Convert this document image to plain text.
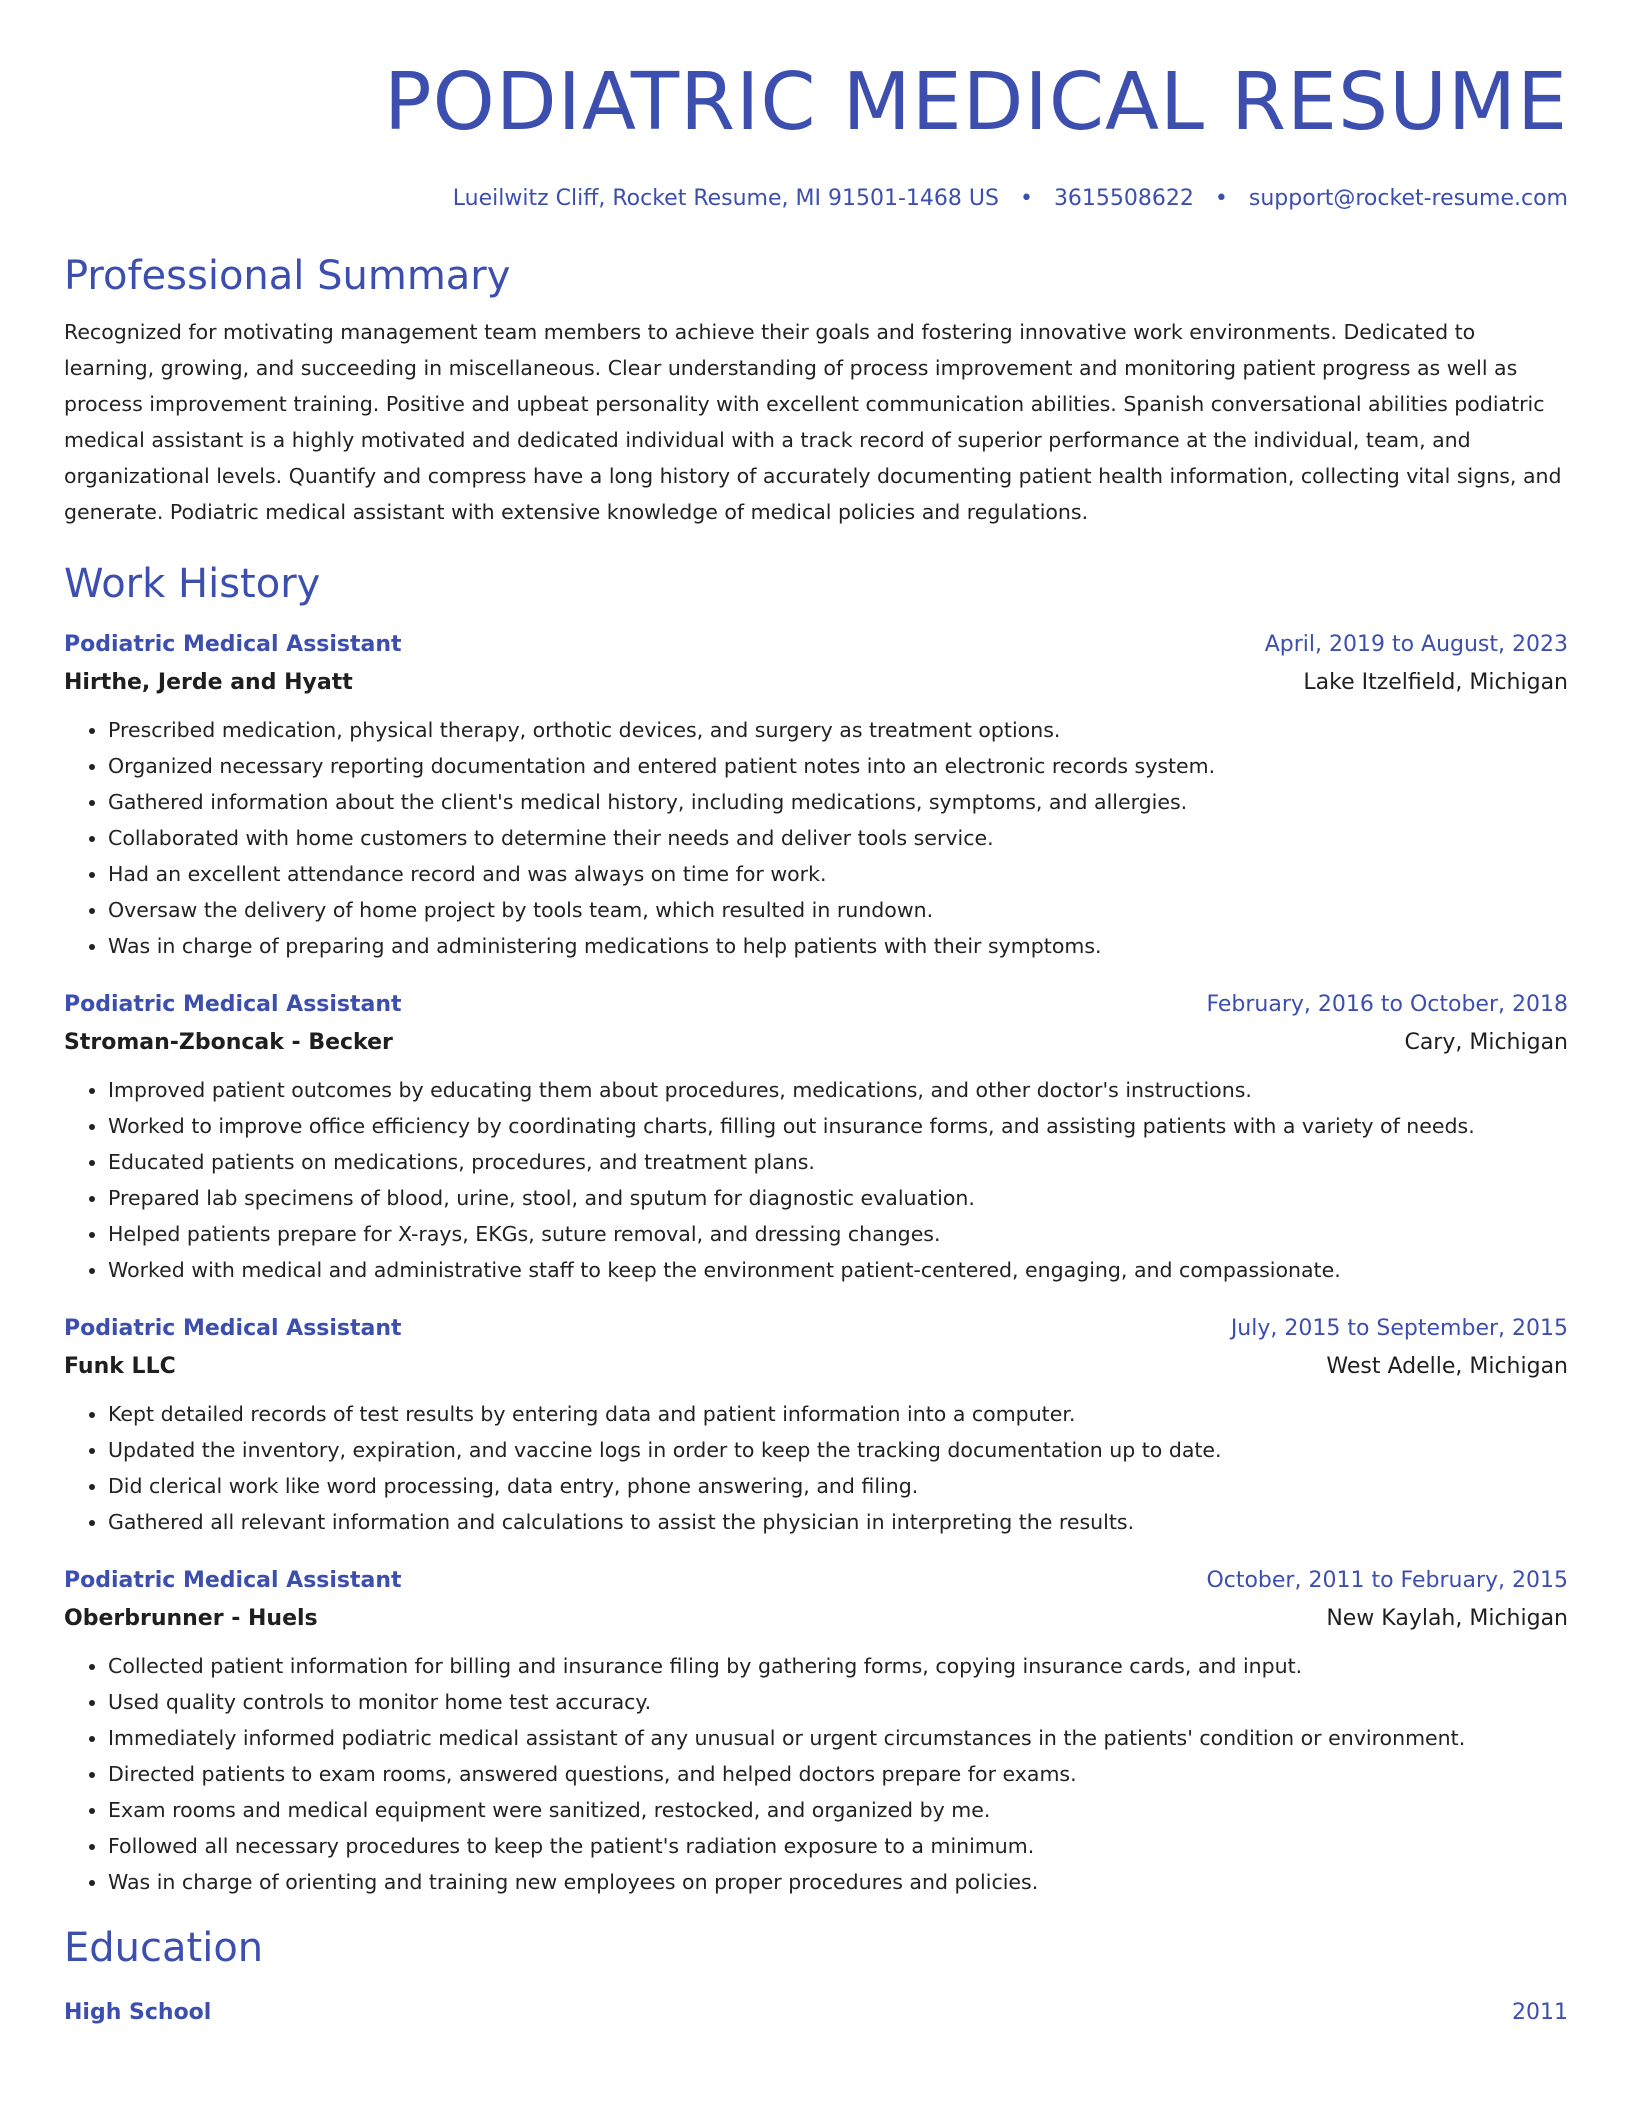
PODIATRIC MEDICAL RESUME
Lueilwitz Cliff, Rocket Resume, MI 91501-1468 US • 3615508622 • support@rocket-resume.com
Professional Summary
Recognized for motivating management team members to achieve their goals and fostering innovative work environments. Dedicated to learning, growing, and succeeding in miscellaneous. Clear understanding of process improvement and monitoring patient progress as well as process improvement training. Positive and upbeat personality with excellent communication abilities. Spanish conversational abilities podiatric medical assistant is a highly motivated and dedicated individual with a track record of superior performance at the individual, team, and organizational levels. Quantify and compress have a long history of accurately documenting patient health information, collecting vital signs, and generate. Podiatric medical assistant with extensive knowledge of medical policies and regulations.
Work History
Podiatric Medical Assistant	April, 2019 to August, 2023
Hirthe, Jerde and Hyatt	Lake Itzelfield, Michigan
• Prescribed medication, physical therapy, orthotic devices, and surgery as treatment options.
• Organized necessary reporting documentation and entered patient notes into an electronic records system.
• Gathered information about the client's medical history, including medications, symptoms, and allergies.
• Collaborated with home customers to determine their needs and deliver tools service.
• Had an excellent attendance record and was always on time for work.
• Oversaw the delivery of home project by tools team, which resulted in rundown.
• Was in charge of preparing and administering medications to help patients with their symptoms.
Podiatric Medical Assistant	February, 2016 to October, 2018
Stroman-Zboncak - Becker	Cary, Michigan
• Improved patient outcomes by educating them about procedures, medications, and other doctor's instructions.
• Worked to improve office efficiency by coordinating charts, filling out insurance forms, and assisting patients with a variety of needs.
• Educated patients on medications, procedures, and treatment plans.
• Prepared lab specimens of blood, urine, stool, and sputum for diagnostic evaluation.
• Helped patients prepare for X-rays, EKGs, suture removal, and dressing changes.
• Worked with medical and administrative staff to keep the environment patient-centered, engaging, and compassionate.
Podiatric Medical Assistant	July, 2015 to September, 2015
Funk LLC	West Adelle, Michigan
• Kept detailed records of test results by entering data and patient information into a computer.
• Updated the inventory, expiration, and vaccine logs in order to keep the tracking documentation up to date.
• Did clerical work like word processing, data entry, phone answering, and filing.
• Gathered all relevant information and calculations to assist the physician in interpreting the results.
Podiatric Medical Assistant	October, 2011 to February, 2015
Oberbrunner - Huels	New Kaylah, Michigan
• Collected patient information for billing and insurance filing by gathering forms, copying insurance cards, and input.
• Used quality controls to monitor home test accuracy.
• Immediately informed podiatric medical assistant of any unusual or urgent circumstances in the patients' condition or environment.
• Directed patients to exam rooms, answered questions, and helped doctors prepare for exams.
• Exam rooms and medical equipment were sanitized, restocked, and organized by me.
• Followed all necessary procedures to keep the patient's radiation exposure to a minimum.
• Was in charge of orienting and training new employees on proper procedures and policies.
Education
High School	2011
